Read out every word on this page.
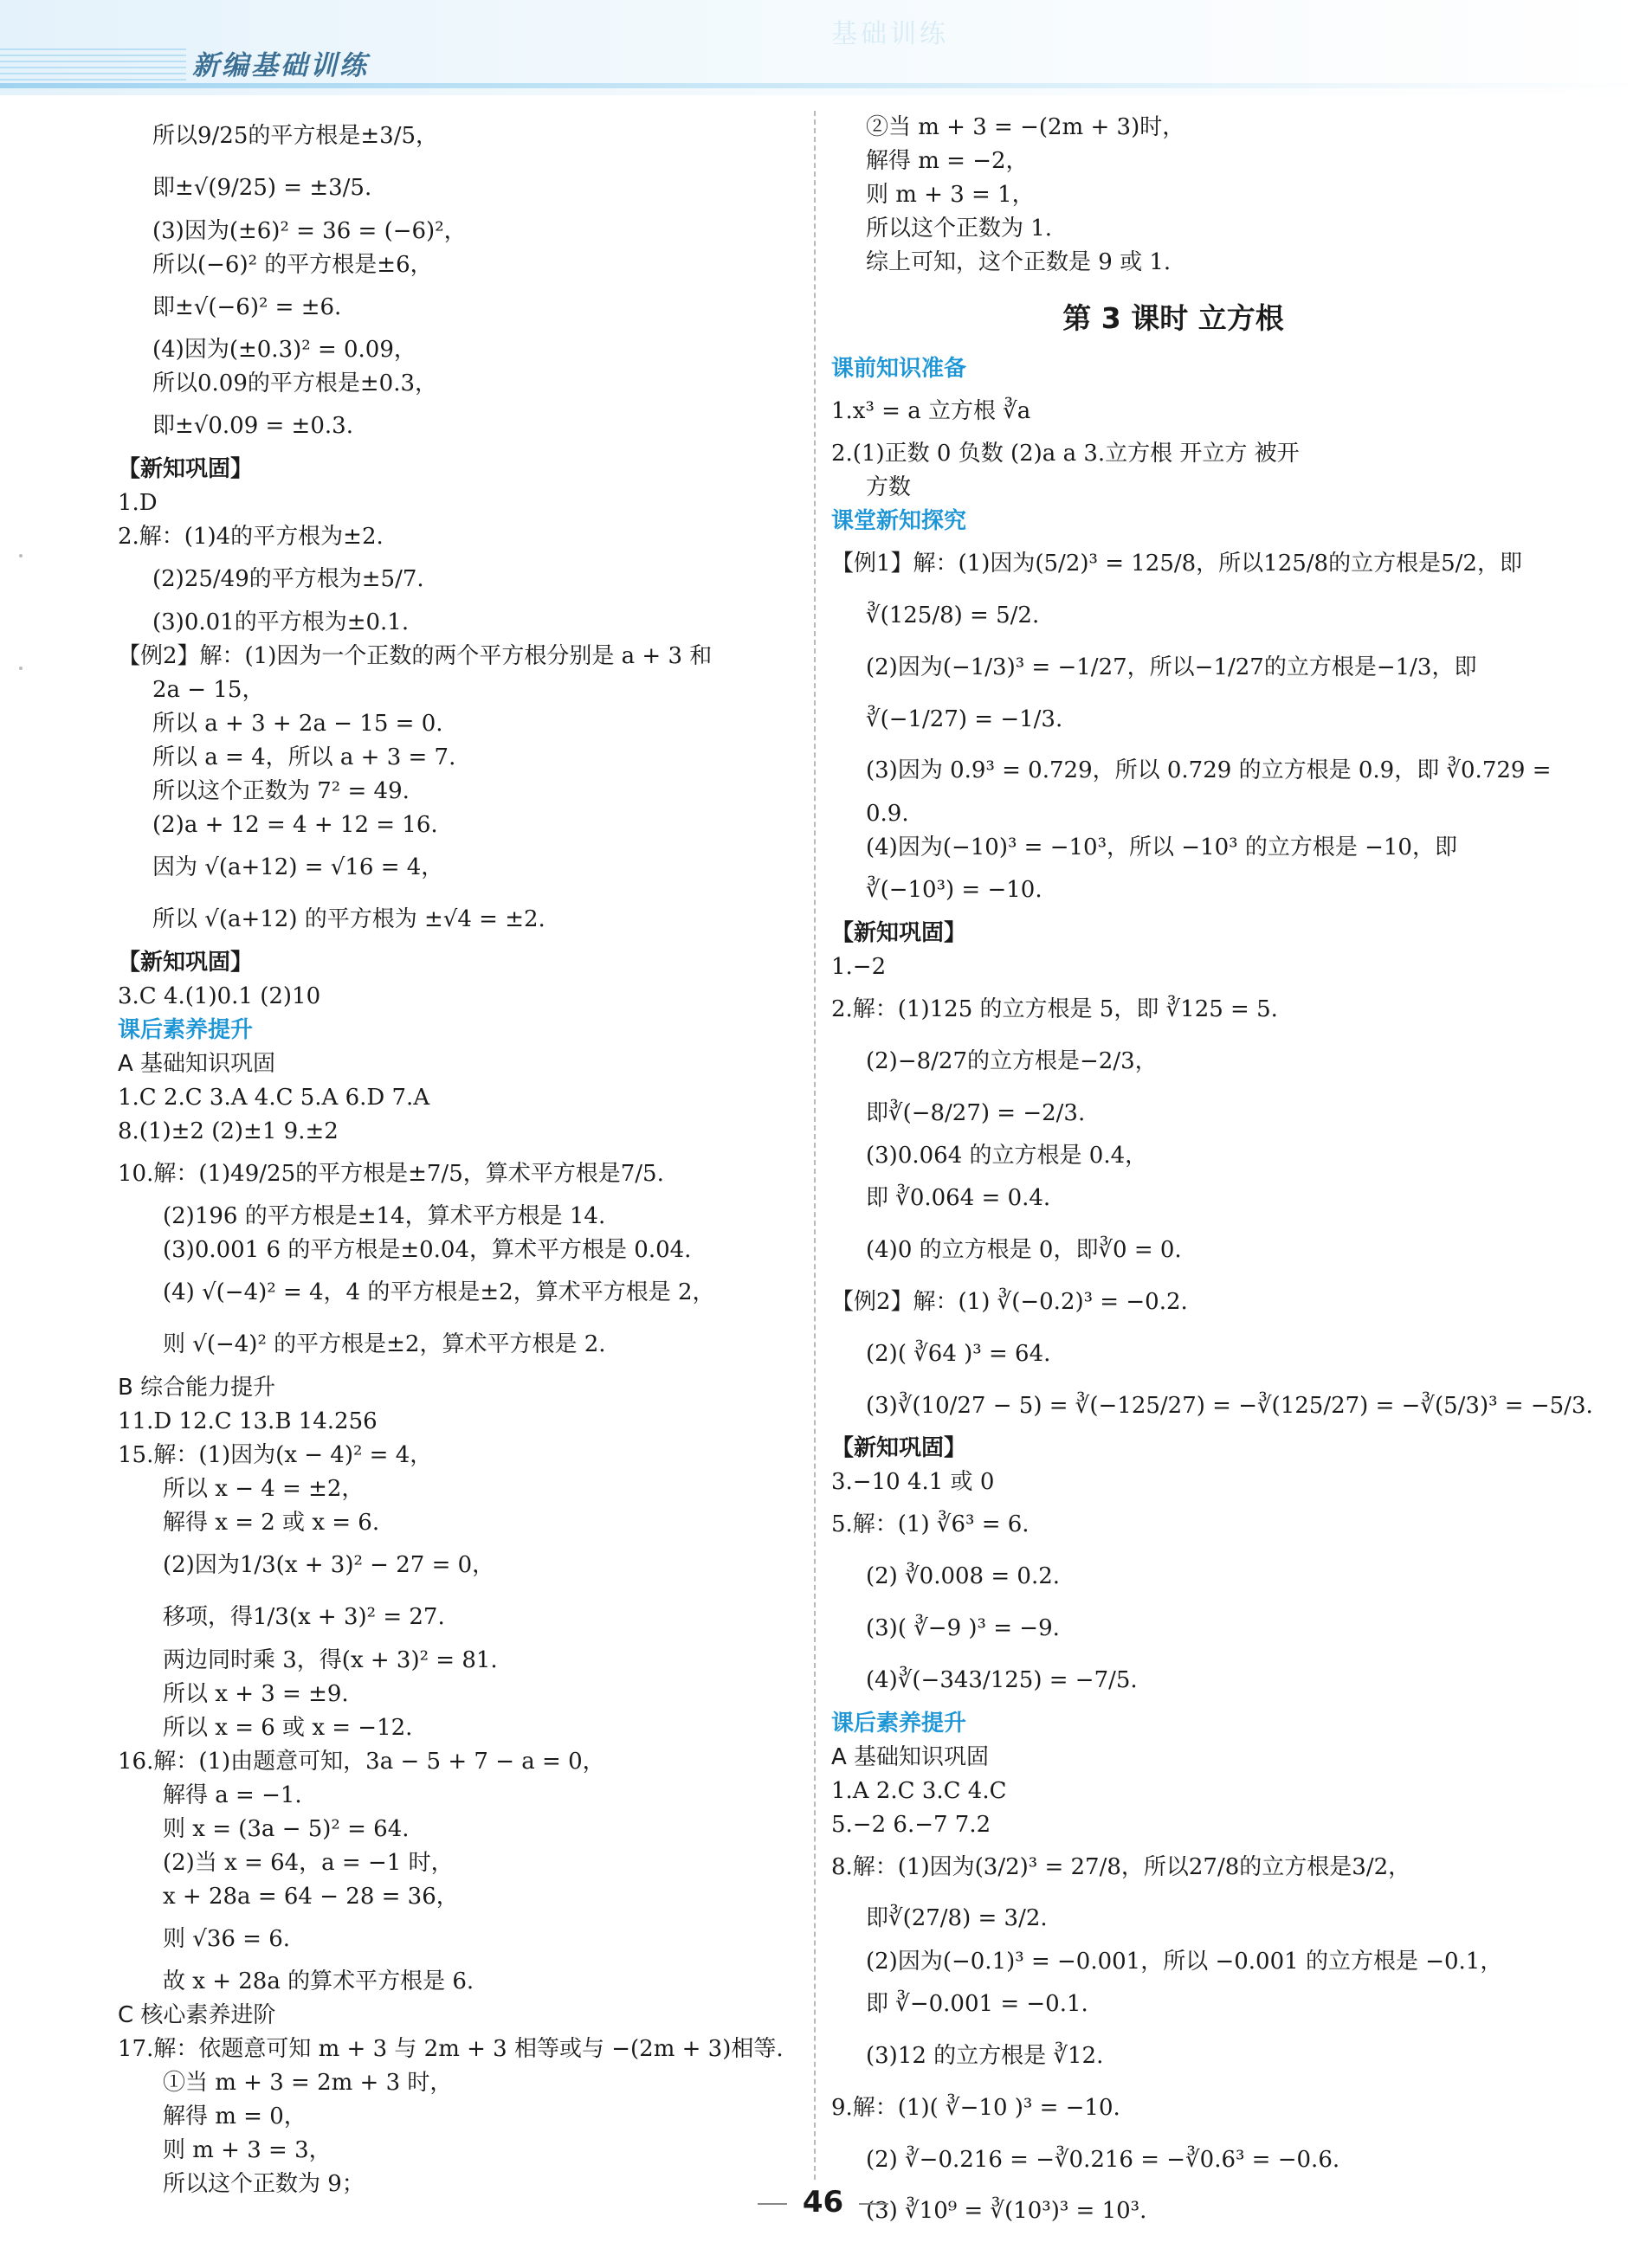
新编基础训练
基础训练

所以9/25的平方根是±3/5，

即±√(9/25) = ±3/5.

(3)因为(±6)² = 36 = (−6)²，

所以(−6)² 的平方根是±6，

即±√(−6)² = ±6.

(4)因为(±0.3)² = 0.09，

所以0.09的平方根是±0.3，

即±√0.09 = ±0.3.

【新知巩固】

1.D

2.解：(1)4的平方根为±2.

(2)25/49的平方根为±5/7.

(3)0.01的平方根为±0.1.

【例2】解：(1)因为一个正数的两个平方根分别是 a + 3 和

2a − 15，

所以 a + 3 + 2a − 15 = 0.

所以 a = 4，所以 a + 3 = 7.

所以这个正数为 7² = 49.

(2)a + 12 = 4 + 12 = 16.

因为 √(a+12) = √16 = 4，

所以 √(a+12) 的平方根为 ±√4 = ±2.

【新知巩固】

3.C 4.(1)0.1 (2)10

课后素养提升

A 基础知识巩固

1.C 2.C 3.A 4.C 5.A 6.D 7.A

8.(1)±2 (2)±1 9.±2

10.解：(1)49/25的平方根是±7/5，算术平方根是7/5.

(2)196 的平方根是±14，算术平方根是 14.

(3)0.001 6 的平方根是±0.04，算术平方根是 0.04.

(4) √(−4)² = 4，4 的平方根是±2，算术平方根是 2，

则 √(−4)² 的平方根是±2，算术平方根是 2.

B 综合能力提升

11.D 12.C 13.B 14.256

15.解：(1)因为(x − 4)² = 4，

所以 x − 4 = ±2，

解得 x = 2 或 x = 6.

(2)因为1/3(x + 3)² − 27 = 0，

移项，得1/3(x + 3)² = 27.

两边同时乘 3，得(x + 3)² = 81.

所以 x + 3 = ±9.

所以 x = 6 或 x = −12.

16.解：(1)由题意可知，3a − 5 + 7 − a = 0，

解得 a = −1.

则 x = (3a − 5)² = 64.

(2)当 x = 64，a = −1 时，

x + 28a = 64 − 28 = 36，

则 √36 = 6.

故 x + 28a 的算术平方根是 6.

C 核心素养进阶

17.解：依题意可知 m + 3 与 2m + 3 相等或与 −(2m + 3)相等.

①当 m + 3 = 2m + 3 时，

解得 m = 0，

则 m + 3 = 3，

所以这个正数为 9；

②当 m + 3 = −(2m + 3)时，

解得 m = −2，

则 m + 3 = 1，

所以这个正数为 1.

综上可知，这个正数是 9 或 1.

第 3 课时 立方根

课前知识准备

1.x³ = a 立方根 ∛a

2.(1)正数 0 负数 (2)a a 3.立方根 开立方 被开

方数

课堂新知探究

【例1】解：(1)因为(5/2)³ = 125/8，所以125/8的立方根是5/2，即

∛(125/8) = 5/2.

(2)因为(−1/3)³ = −1/27，所以−1/27的立方根是−1/3，即

∛(−1/27) = −1/3.

(3)因为 0.9³ = 0.729，所以 0.729 的立方根是 0.9，即 ∛0.729 =

0.9.

(4)因为(−10)³ = −10³，所以 −10³ 的立方根是 −10，即

∛(−10³) = −10.

【新知巩固】

1.−2

2.解：(1)125 的立方根是 5，即 ∛125 = 5.

(2)−8/27的立方根是−2/3，

即∛(−8/27) = −2/3.

(3)0.064 的立方根是 0.4，

即 ∛0.064 = 0.4.

(4)0 的立方根是 0，即∛0 = 0.

【例2】解：(1) ∛(−0.2)³ = −0.2.

(2)( ∛64 )³ = 64.

(3)∛(10/27 − 5) = ∛(−125/27) = −∛(125/27) = −∛(5/3)³ = −5/3.

【新知巩固】

3.−10 4.1 或 0

5.解：(1) ∛6³ = 6.

(2) ∛0.008 = 0.2.

(3)( ∛−9 )³ = −9.

(4)∛(−343/125) = −7/5.

课后素养提升

A 基础知识巩固

1.A 2.C 3.C 4.C

5.−2 6.−7 7.2

8.解：(1)因为(3/2)³ = 27/8，所以27/8的立方根是3/2，

即∛(27/8) = 3/2.

(2)因为(−0.1)³ = −0.001，所以 −0.001 的立方根是 −0.1，

即 ∛−0.001 = −0.1.

(3)12 的立方根是 ∛12.

9.解：(1)( ∛−10 )³ = −10.

(2) ∛−0.216 = −∛0.216 = −∛0.6³ = −0.6.

(3) ∛10⁹ = ∛(10³)³ = 10³.

46
